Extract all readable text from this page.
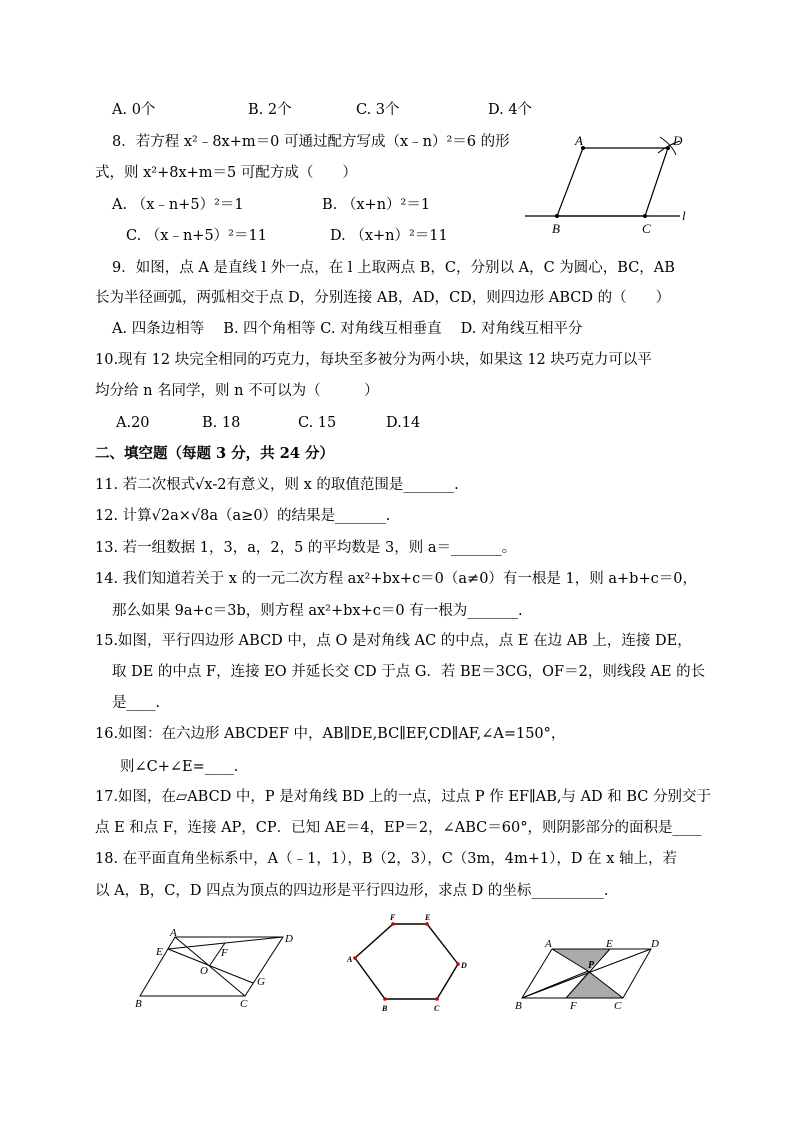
A. 0个	B. 2个	C. 3个	D. 4个
8．若方程 x²﹣8x+m＝0 可通过配方写成（x﹣n）²＝6 的形
式，则 x²+8x+m＝5 可配方成（　　）
A. （x﹣n+5）²＝1	B. （x+n）²＝1
C. （x﹣n+5）²＝11	D. （x+n）²＝11
A	D
B	C
l
9．如图，点 A 是直线 l 外一点，在 l 上取两点 B，C，分别以 A，C 为圆心，BC，AB
长为半径画弧，两弧相交于点 D，分别连接 AB，AD，CD，则四边形 ABCD 的（　　）
A. 四条边相等　 B. 四个角相等 C. 对角线互相垂直　 D. 对角线互相平分
10.现有 12 块完全相同的巧克力，每块至多被分为两小块，如果这 12 块巧克力可以平
均分给 n 名同学，则 n 不可以为（　　　）
A.20	B. 18	C. 15	D.14
二、填空题（每题 3 分，共 24 分）
11. 若二次根式√x-2有意义，则 x 的取值范围是_______.
12. 计算√2a×√8a（a≥0）的结果是_______.
13. 若一组数据 1，3，a，2，5 的平均数是 3，则 a＝_______。
14. 我们知道若关于 x 的一元二次方程 ax²+bx+c＝0（a≠0）有一根是 1，则 a+b+c＝0，
那么如果 9a+c＝3b，则方程 ax²+bx+c＝0 有一根为_______.
15.如图，平行四边形 ABCD 中，点 O 是对角线 AC 的中点，点 E 在边 AB 上，连接 DE，
取 DE 的中点 F，连接 EO 并延长交 CD 于点 G．若 BE＝3CG，OF＝2，则线段 AE 的长
是____.
16.如图：在六边形 ABCDEF 中，AB∥DE,BC∥EF,CD∥AF,∠A=150°，
则∠C+∠E=____.
17.如图，在▱ABCD 中，P 是对角线 BD 上的一点，过点 P 作 EF∥AB,与 AD 和 BC 分别交于
点 E 和点 F，连接 AP，CP．已知 AE＝4，EP＝2，∠ABC＝60°，则阴影部分的面积是____
18. 在平面直角坐标系中，A（﹣1，1），B（2，3），C（3m，4m+1），D 在 x 轴上，若
以 A，B，C，D 四点为顶点的四边形是平行四边形，求点 D 的坐标__________.
A	D
E	F
O
G
B	C
F	E
A
D
B	C
A	E	D
P
B	F	C
